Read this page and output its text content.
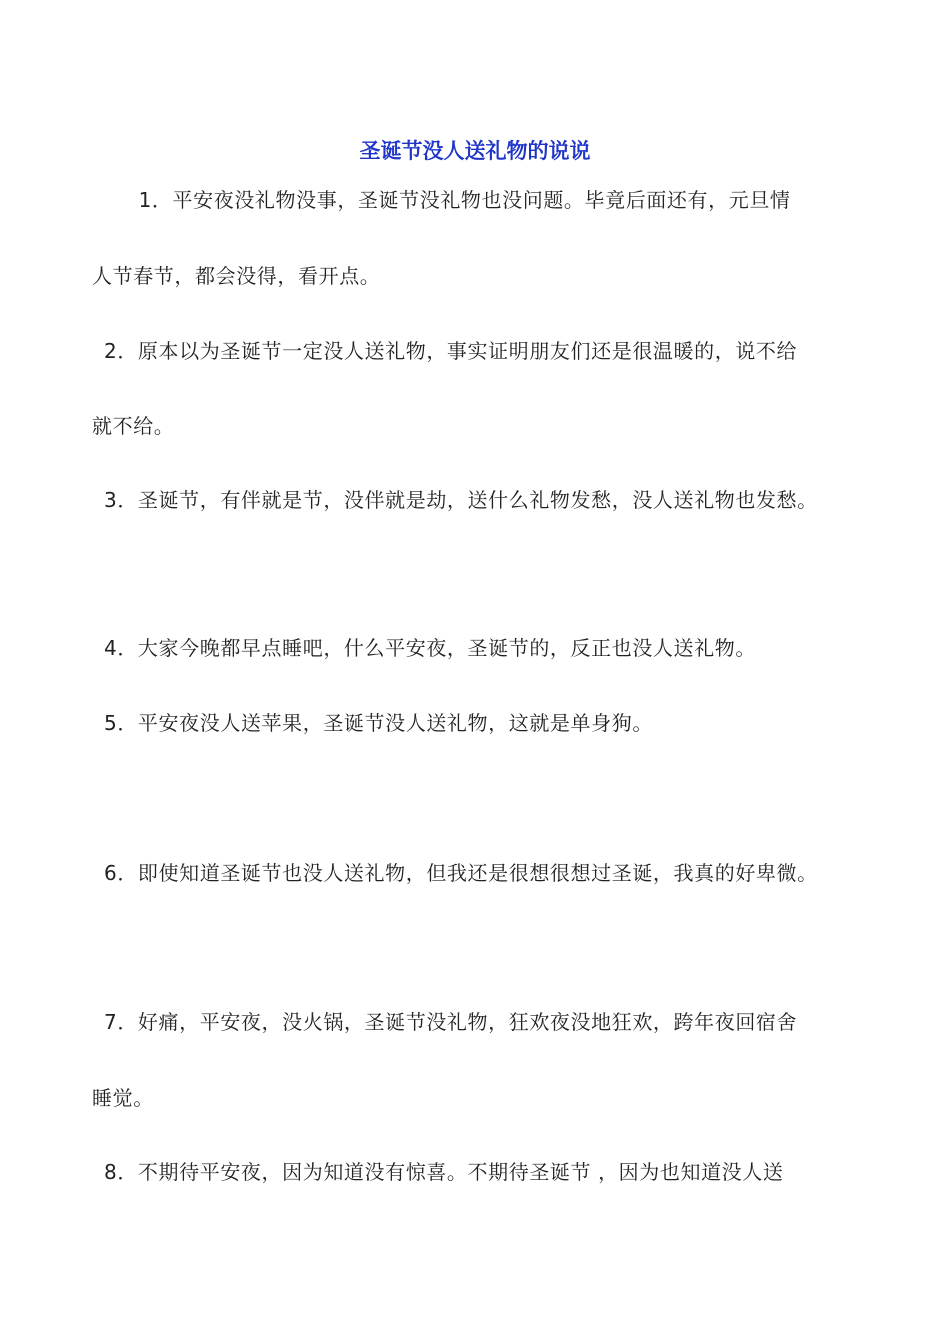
圣诞节没人送礼物的说说
　1．平安夜没礼物没事，圣诞节没礼物也没问题。毕竟后面还有，元旦情
人节春节，都会没得，看开点。
2．原本以为圣诞节一定没人送礼物，事实证明朋友们还是很温暖的，说不给
就不给。
3．圣诞节，有伴就是节，没伴就是劫，送什么礼物发愁，没人送礼物也发愁。
4．大家今晚都早点睡吧，什么平安夜，圣诞节的，反正也没人送礼物。
5．平安夜没人送苹果，圣诞节没人送礼物，这就是单身狗。
6．即使知道圣诞节也没人送礼物，但我还是很想很想过圣诞，我真的好卑微。
7．好痛，平安夜，没火锅，圣诞节没礼物，狂欢夜没地狂欢，跨年夜回宿舍
睡觉。
8．不期待平安夜，因为知道没有惊喜。不期待圣诞节 ，因为也知道没人送
